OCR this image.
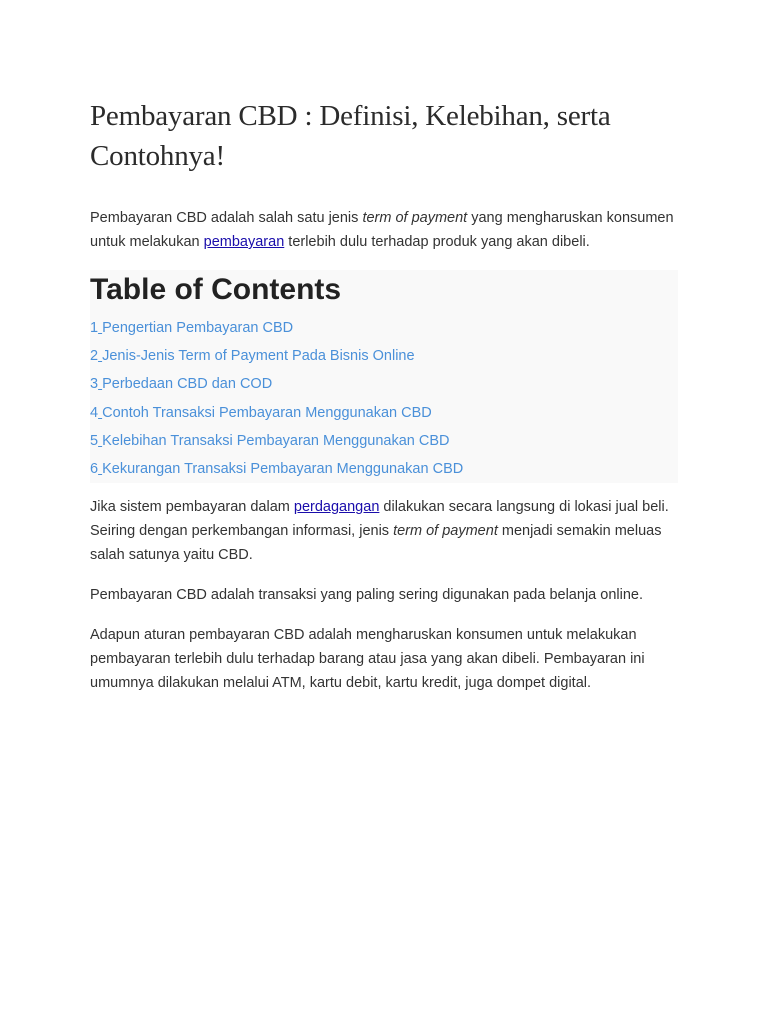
Pembayaran CBD : Definisi, Kelebihan, serta Contohnya!

Pembayaran CBD adalah salah satu jenis term of payment yang mengharuskan konsumen untuk melakukan pembayaran terlebih dulu terhadap produk yang akan dibeli.

Table of Contents
1 Pengertian Pembayaran CBD
2 Jenis-Jenis Term of Payment Pada Bisnis Online
3 Perbedaan CBD dan COD
4 Contoh Transaksi Pembayaran Menggunakan CBD
5 Kelebihan Transaksi Pembayaran Menggunakan CBD
6 Kekurangan Transaksi Pembayaran Menggunakan CBD

Jika sistem pembayaran dalam perdagangan dilakukan secara langsung di lokasi jual beli. Seiring dengan perkembangan informasi, jenis term of payment menjadi semakin meluas salah satunya yaitu CBD.

Pembayaran CBD adalah transaksi yang paling sering digunakan pada belanja online.

Adapun aturan pembayaran CBD adalah mengharuskan konsumen untuk melakukan pembayaran terlebih dulu terhadap barang atau jasa yang akan dibeli. Pembayaran ini umumnya dilakukan melalui ATM, kartu debit, kartu kredit, juga dompet digital.
